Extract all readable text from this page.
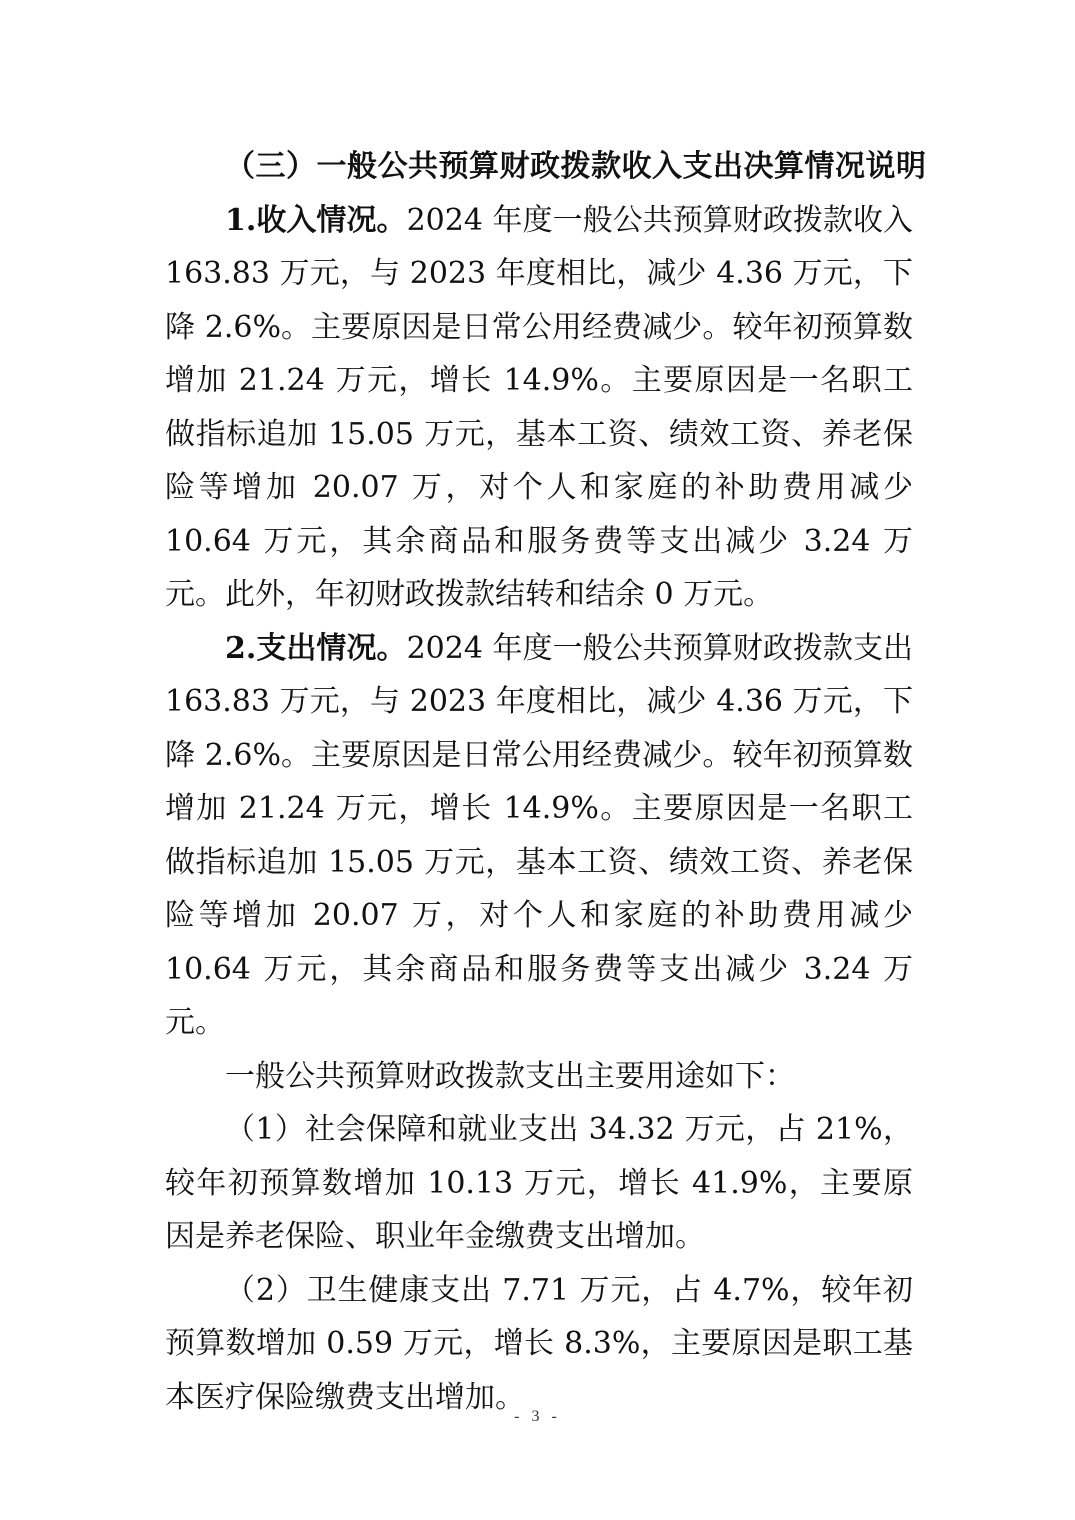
（三）一般公共预算财政拨款收入支出决算情况说明

1.收入情况。2024 年度一般公共预算财政拨款收入 163.83 万元，与 2023 年度相比，减少 4.36 万元，下降 2.6%。主要原因是日常公用经费减少。较年初预算数增加 21.24 万元，增长 14.9%。主要原因是一名职工做指标追加 15.05 万元，基本工资、绩效工资、养老保险等增加 20.07 万，对个人和家庭的补助费用减少 10.64 万元，其余商品和服务费等支出减少 3.24 万元。此外，年初财政拨款结转和结余 0 万元。

2.支出情况。2024 年度一般公共预算财政拨款支出 163.83 万元，与 2023 年度相比，减少 4.36 万元，下降 2.6%。主要原因是日常公用经费减少。较年初预算数增加 21.24 万元，增长 14.9%。主要原因是一名职工做指标追加 15.05 万元，基本工资、绩效工资、养老保险等增加 20.07 万，对个人和家庭的补助费用减少 10.64 万元，其余商品和服务费等支出减少 3.24 万元。

一般公共预算财政拨款支出主要用途如下：

（1）社会保障和就业支出 34.32 万元，占 21%，较年初预算数增加 10.13 万元，增长 41.9%，主要原因是养老保险、职业年金缴费支出增加。

（2）卫生健康支出 7.71 万元，占 4.7%，较年初预算数增加 0.59 万元，增长 8.3%，主要原因是职工基本医疗保险缴费支出增加。

- 3 -
